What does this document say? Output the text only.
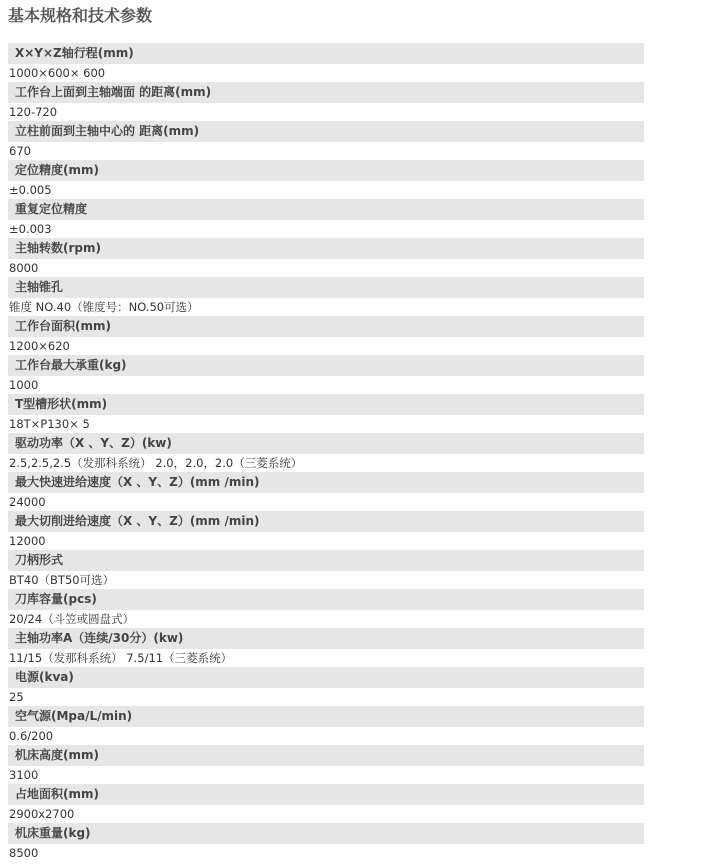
基本规格和技术参数
X×Y×Z轴行程(mm)
1000×600× 600
工作台上面到主轴端面 的距离(mm)
120-720
立柱前面到主轴中心的 距离(mm)
670
定位精度(mm)
±0.005
重复定位精度
±0.003
主轴转数(rpm)
8000
主轴锥孔
锥度 NO.40（锥度号：NO.50可选）
工作台面积(mm)
1200×620
工作台最大承重(kg)
1000
T型槽形状(mm)
18T×P130× 5
驱动功率（X 、Y、Z）(kw)
2.5,2.5,2.5（发那科系统） 2.0，2.0，2.0（三菱系统）
最大快速进给速度（X 、Y、Z）(mm /min)
24000
最大切削进给速度（X 、Y、Z）(mm /min)
12000
刀柄形式
BT40（BT50可选）
刀库容量(pcs)
20/24（斗笠或圆盘式）
主轴功率A（连续/30分）(kw)
11/15（发那科系统） 7.5/11（三菱系统）
电源(kva)
25
空气源(Mpa/L/min)
0.6/200
机床高度(mm)
3100
占地面积(mm)
2900x2700
机床重量(kg)
8500
